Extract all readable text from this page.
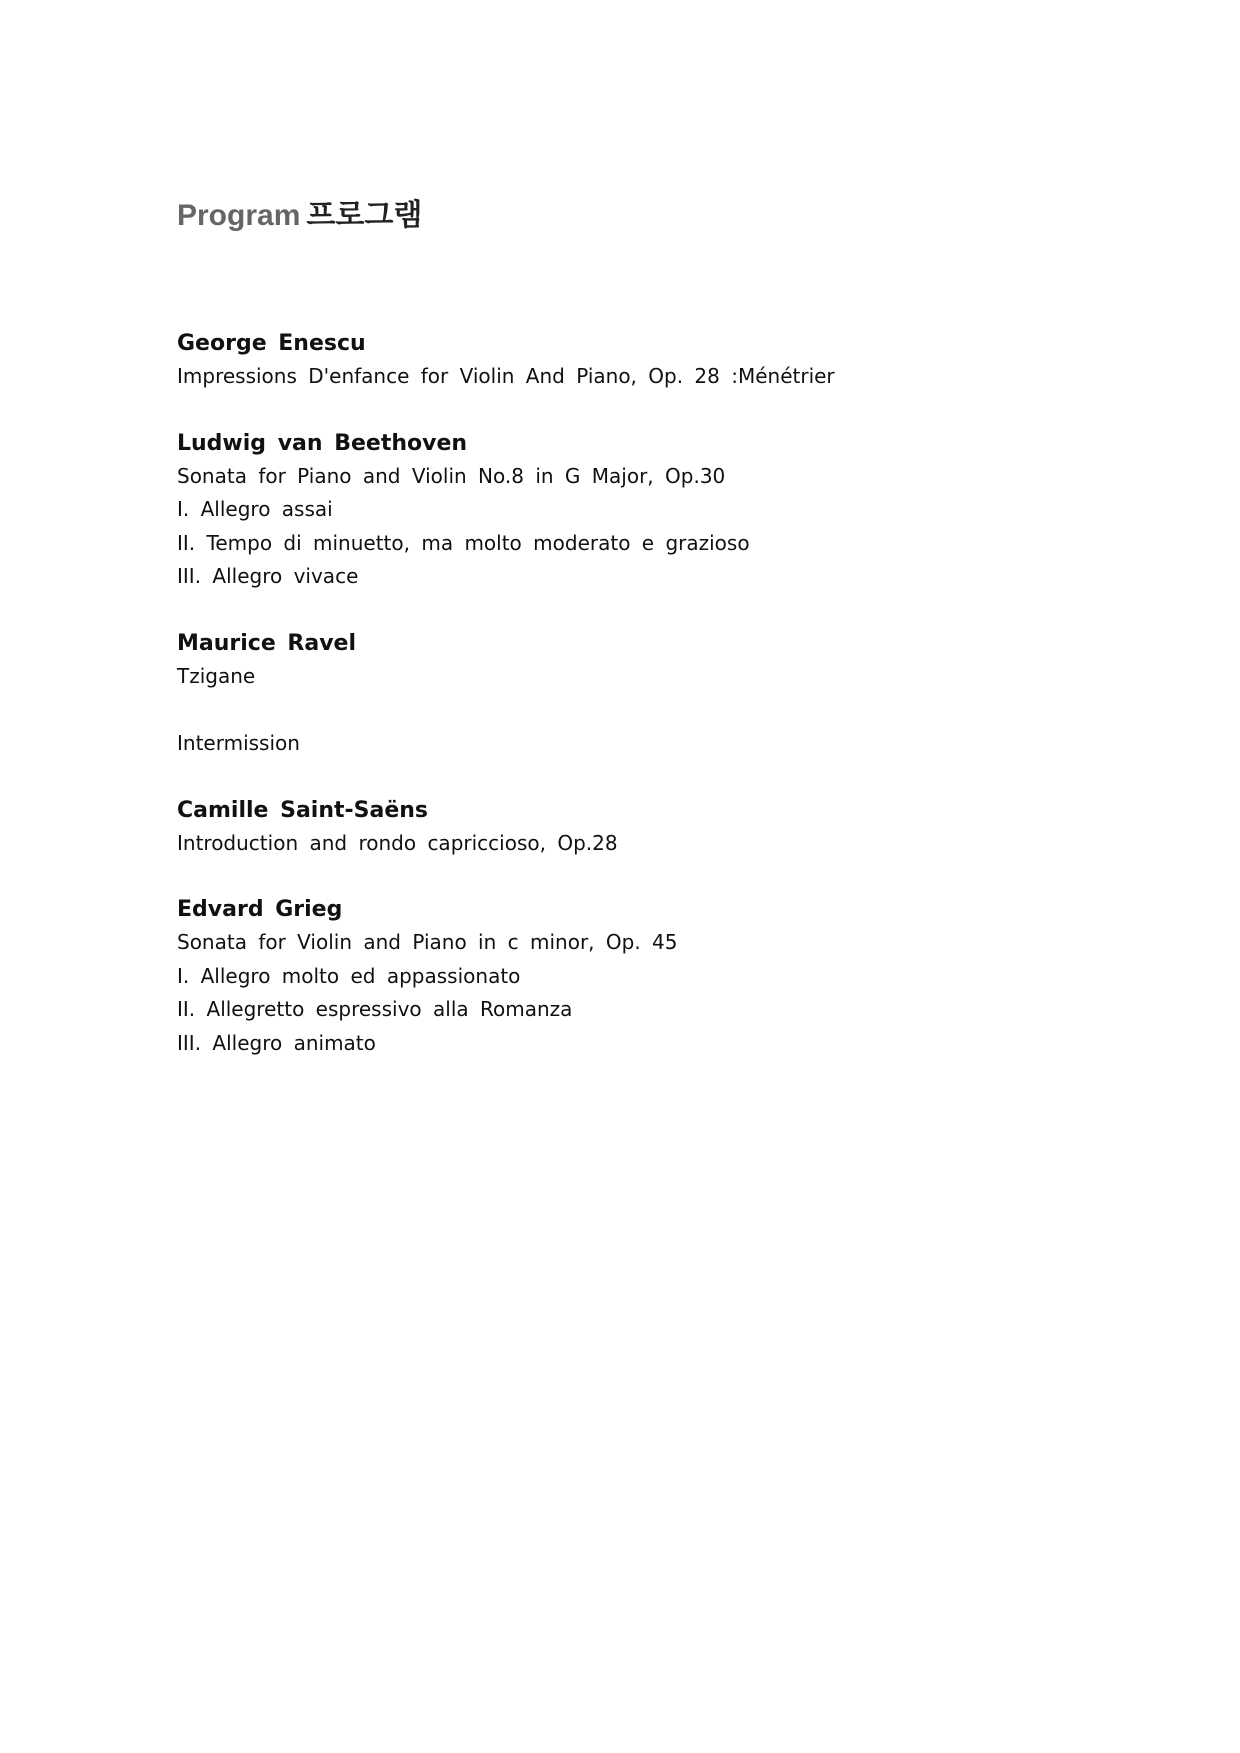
Program 프로그램

George Enescu

Impressions D'enfance for Violin And Piano, Op. 28 :Ménétrier

Ludwig van Beethoven

Sonata for Piano and Violin No.8 in G Major, Op.30

I. Allegro assai

II. Tempo di minuetto, ma molto moderato e grazioso

III. Allegro vivace

Maurice Ravel

Tzigane

Intermission

Camille Saint-Saëns

Introduction and rondo capriccioso, Op.28

Edvard Grieg

Sonata for Violin and Piano in c minor, Op. 45

I. Allegro molto ed appassionato

II. Allegretto espressivo alla Romanza

III. Allegro animato
